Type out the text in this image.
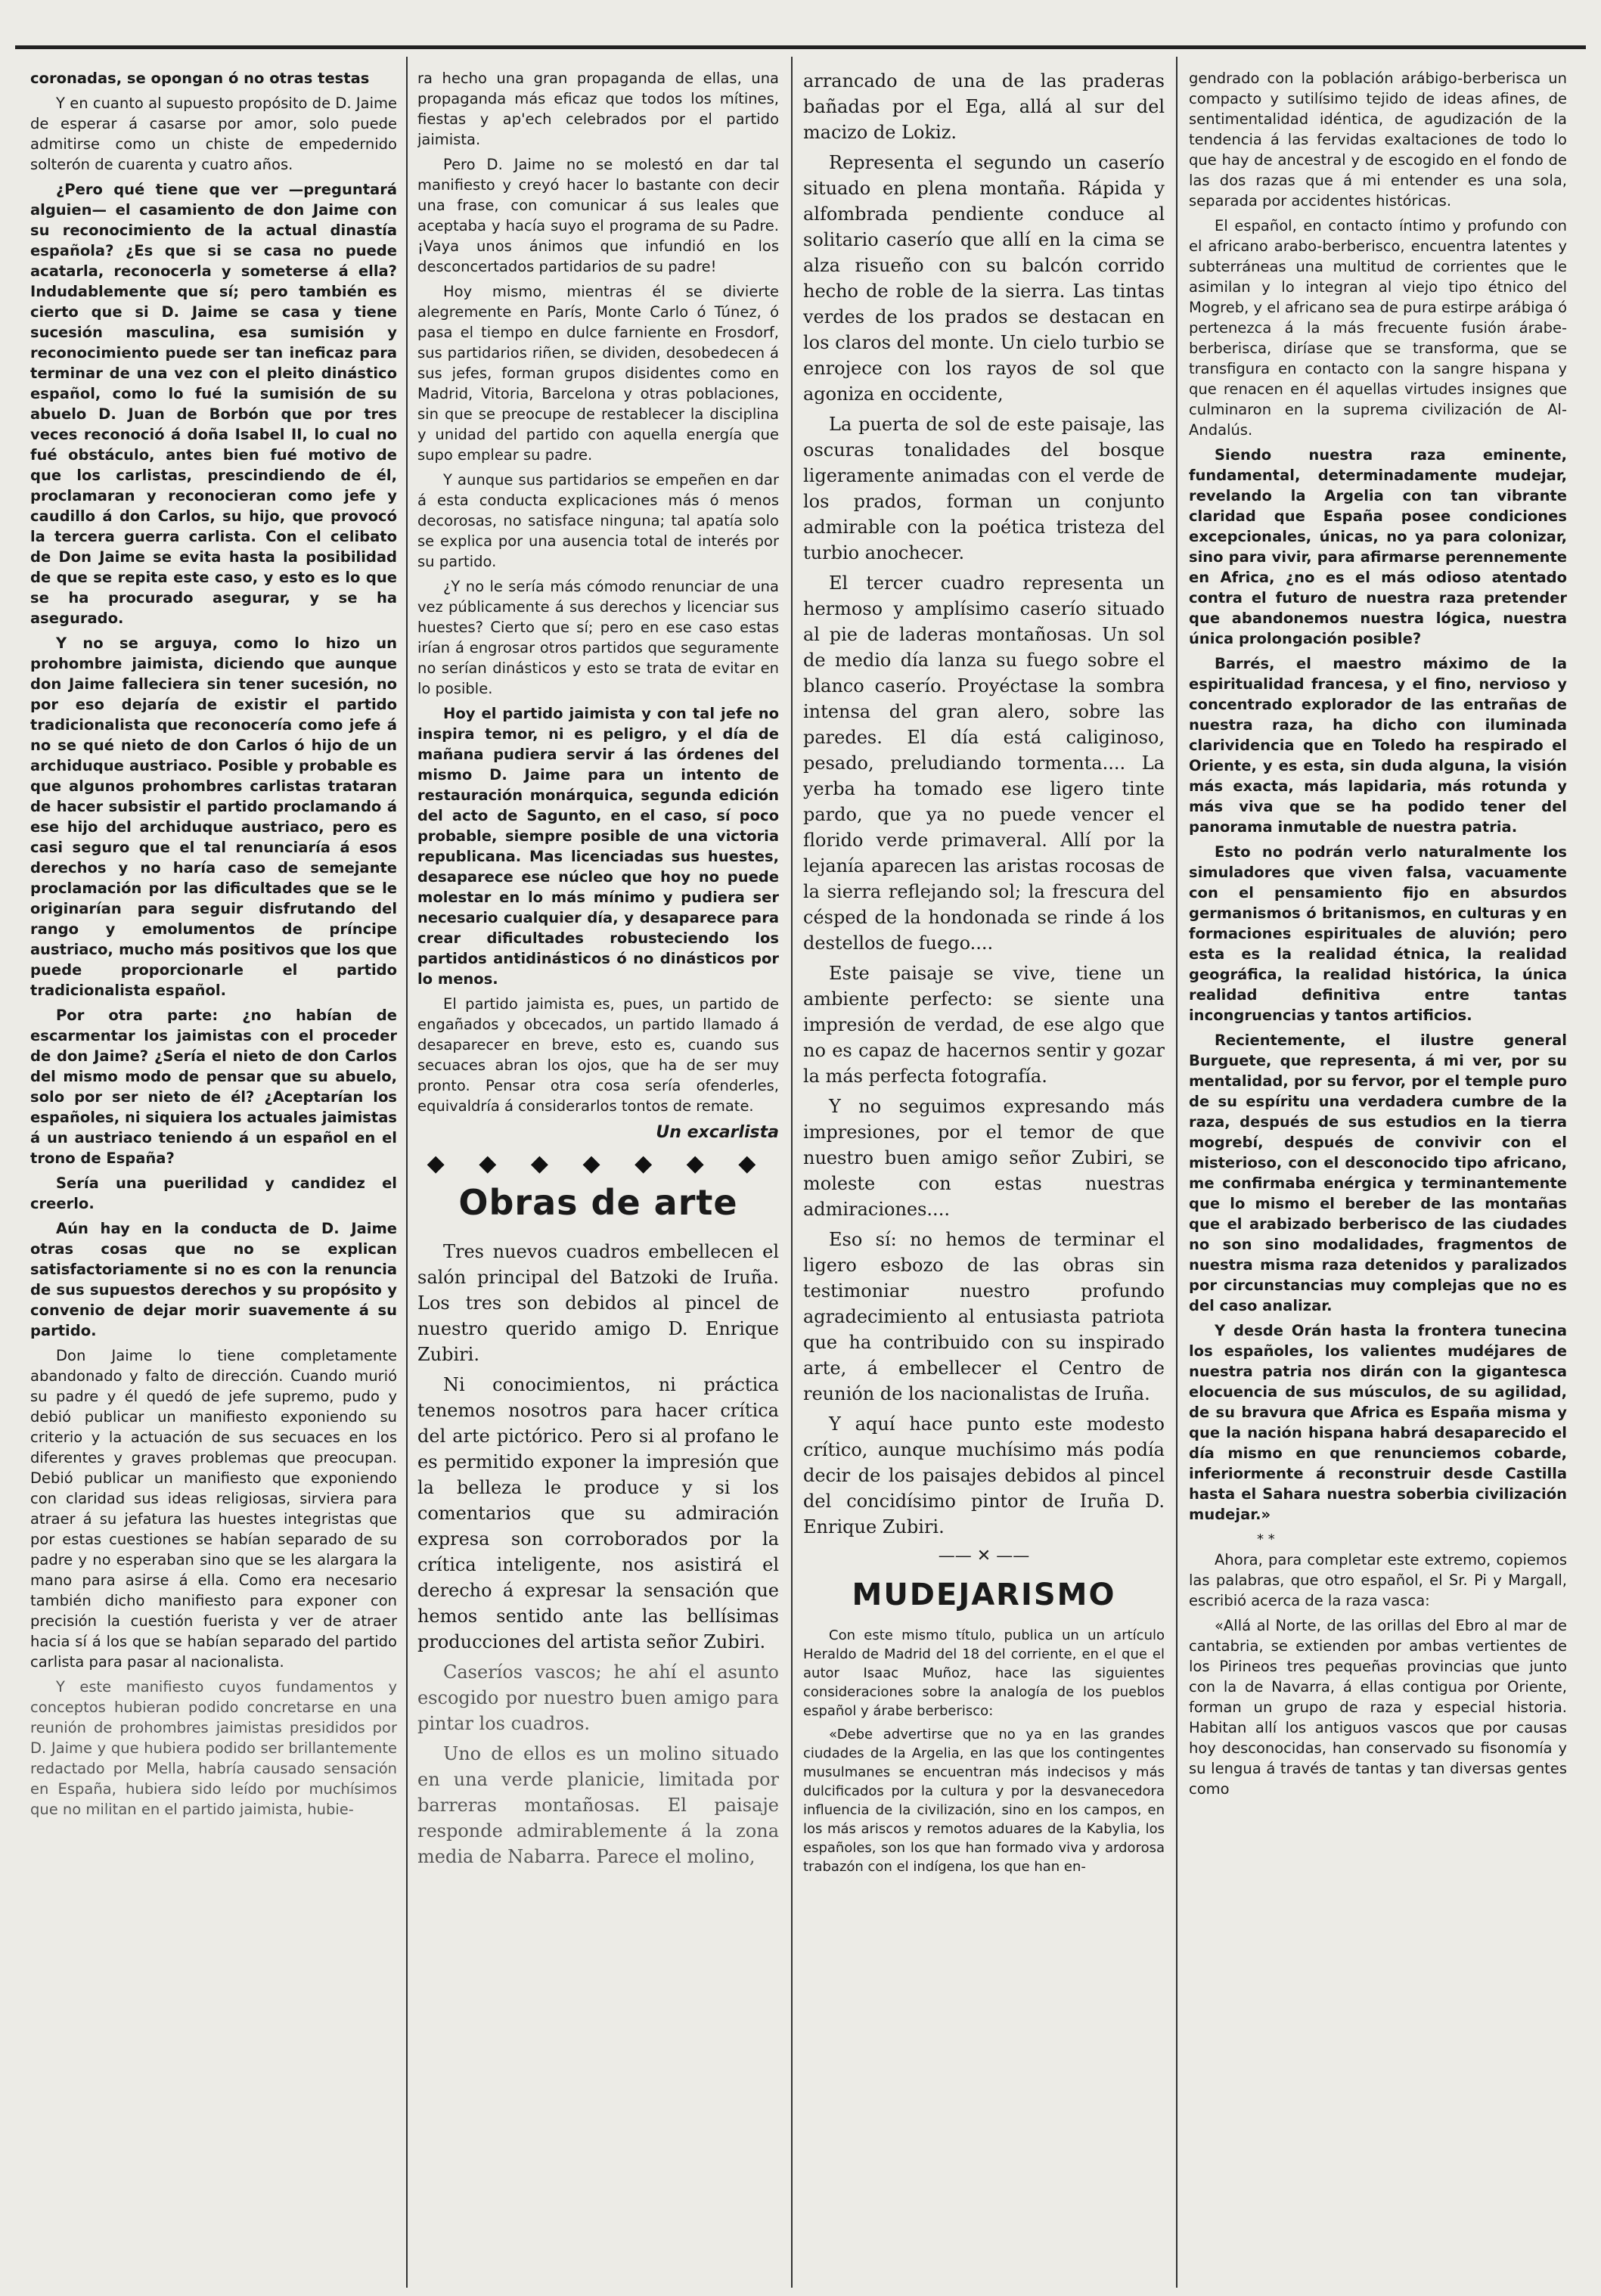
coronadas, se opongan ó no otras testas

Y en cuanto al supuesto propósito de D. Jaime de esperar á casarse por amor, solo puede admitirse como un chiste de empedernido solterón de cuarenta y cuatro años.

¿Pero qué tiene que ver —preguntará alguien— el casamiento de don Jaime con su reconocimiento de la actual dinastía española? ¿Es que si se casa no puede acatarla, reconocerla y someterse á ella? Indudablemente que sí; pero también es cierto que si D. Jaime se casa y tiene sucesión masculina, esa sumisión y reconocimiento puede ser tan ineficaz para terminar de una vez con el pleito dinástico español, como lo fué la sumisión de su abuelo D. Juan de Borbón que por tres veces reconoció á doña Isabel II, lo cual no fué obstáculo, antes bien fué motivo de que los carlistas, prescindiendo de él, proclamaran y reconocieran como jefe y caudillo á don Carlos, su hijo, que provocó la tercera guerra carlista. Con el celibato de Don Jaime se evita hasta la posibilidad de que se repita este caso, y esto es lo que se ha procurado asegurar, y se ha asegurado.

Y no se arguya, como lo hizo un prohombre jaimista, diciendo que aunque don Jaime falleciera sin tener sucesión, no por eso dejaría de existir el partido tradicionalista que reconocería como jefe á no se qué nieto de don Carlos ó hijo de un archiduque austriaco. Posible y probable es que algunos prohombres carlistas trataran de hacer subsistir el partido proclamando á ese hijo del archiduque austriaco, pero es casi seguro que el tal renunciaría á esos derechos y no haría caso de semejante proclamación por las dificultades que se le originarían para seguir disfrutando del rango y emolumentos de príncipe austriaco, mucho más positivos que los que puede proporcionarle el partido tradicionalista español.

Por otra parte: ¿no habían de escarmentar los jaimistas con el proceder de don Jaime? ¿Sería el nieto de don Carlos del mismo modo de pensar que su abuelo, solo por ser nieto de él? ¿Aceptarían los españoles, ni siquiera los actuales jaimistas á un austriaco teniendo á un español en el trono de España?

Sería una puerilidad y candidez el creerlo.

Aún hay en la conducta de D. Jaime otras cosas que no se explican satisfactoriamente si no es con la renuncia de sus supuestos derechos y su propósito y convenio de dejar morir suavemente á su partido.

Don Jaime lo tiene completamente abandonado y falto de dirección. Cuando murió su padre y él quedó de jefe supremo, pudo y debió publicar un manifiesto exponiendo su criterio y la actuación de sus secuaces en los diferentes y graves problemas que preocupan. Debió publicar un manifiesto que exponiendo con claridad sus ideas religiosas, sirviera para atraer á su jefatura las huestes integristas que por estas cuestiones se habían separado de su padre y no esperaban sino que se les alargara la mano para asirse á ella. Como era necesario también dicho manifiesto para exponer con precisión la cuestión fuerista y ver de atraer hacia sí á los que se habían separado del partido carlista para pasar al nacionalista.

Y este manifiesto cuyos fundamentos y conceptos hubieran podido concretarse en una reunión de prohombres jaimistas presididos por D. Jaime y que hubiera podido ser brillantemente redactado por Mella, habría causado sensación en España, hubiera sido leído por muchísimos que no militan en el partido jaimista, hubie-

ra hecho una gran propaganda de ellas, una propaganda más eficaz que todos los mítines, fiestas y ap'ech celebrados por el partido jaimista.

Pero D. Jaime no se molestó en dar tal manifiesto y creyó hacer lo bastante con decir una frase, con comunicar á sus leales que aceptaba y hacía suyo el programa de su Padre. ¡Vaya unos ánimos que infundió en los desconcertados partidarios de su padre!

Hoy mismo, mientras él se divierte alegremente en París, Monte Carlo ó Túnez, ó pasa el tiempo en dulce farniente en Frosdorf, sus partidarios riñen, se dividen, desobedecen á sus jefes, forman grupos disidentes como en Madrid, Vitoria, Barcelona y otras poblaciones, sin que se preocupe de restablecer la disciplina y unidad del partido con aquella energía que supo emplear su padre.

Y aunque sus partidarios se empeñen en dar á esta conducta explicaciones más ó menos decorosas, no satisface ninguna; tal apatía solo se explica por una ausencia total de interés por su partido.

¿Y no le sería más cómodo renunciar de una vez públicamente á sus derechos y licenciar sus huestes? Cierto que sí; pero en ese caso estas irían á engrosar otros partidos que seguramente no serían dinásticos y esto se trata de evitar en lo posible.

Hoy el partido jaimista y con tal jefe no inspira temor, ni es peligro, y el día de mañana pudiera servir á las órdenes del mismo D. Jaime para un intento de restauración monárquica, segunda edición del acto de Sagunto, en el caso, sí poco probable, siempre posible de una victoria republicana. Mas licenciadas sus huestes, desaparece ese núcleo que hoy no puede molestar en lo más mínimo y pudiera ser necesario cualquier día, y desaparece para crear dificultades robusteciendo los partidos antidinásticos ó no dinásticos por lo menos.

El partido jaimista es, pues, un partido de engañados y obcecados, un partido llamado á desaparecer en breve, esto es, cuando sus secuaces abran los ojos, que ha de ser muy pronto. Pensar otra cosa sería ofenderles, equivaldría á considerarlos tontos de remate.

Un excarlista
◆ ◆ ◆ ◆ ◆ ◆ ◆
Obras de arte

Tres nuevos cuadros embellecen el salón principal del Batzoki de Iruña. Los tres son debidos al pincel de nuestro querido amigo D. Enrique Zubiri.

Ni conocimientos, ni práctica tenemos nosotros para hacer crítica del arte pictórico. Pero si al profano le es permitido exponer la impresión que la belleza le produce y si los comentarios que su admiración expresa son corroborados por la crítica inteligente, nos asistirá el derecho á expresar la sensación que hemos sentido ante las bellísimas producciones del artista señor Zubiri.

Caseríos vascos; he ahí el asunto escogido por nuestro buen amigo para pintar los cuadros.

Uno de ellos es un molino situado en una verde planicie, limitada por barreras montañosas. El paisaje responde admirablemente á la zona media de Nabarra. Parece el molino,

arrancado de una de las praderas bañadas por el Ega, allá al sur del macizo de Lokiz.

Representa el segundo un caserío situado en plena montaña. Rápida y alfombrada pendiente conduce al solitario caserío que allí en la cima se alza risueño con su balcón corrido hecho de roble de la sierra. Las tintas verdes de los prados se destacan en los claros del monte. Un cielo turbio se enrojece con los rayos de sol que agoniza en occidente,

La puerta de sol de este paisaje, las oscuras tonalidades del bosque ligeramente animadas con el verde de los prados, forman un conjunto admirable con la poética tristeza del turbio anochecer.

El tercer cuadro representa un hermoso y amplísimo caserío situado al pie de laderas montañosas. Un sol de medio día lanza su fuego sobre el blanco caserío. Proyéctase la sombra intensa del gran alero, sobre las paredes. El día está caliginoso, pesado, preludiando tormenta.... La yerba ha tomado ese ligero tinte pardo, que ya no puede vencer el florido verde primaveral. Allí por la lejanía aparecen las aristas rocosas de la sierra reflejando sol; la frescura del césped de la hondonada se rinde á los destellos de fuego....

Este paisaje se vive, tiene un ambiente perfecto: se siente una impresión de verdad, de ese algo que no es capaz de hacernos sentir y gozar la más perfecta fotografía.

Y no seguimos expresando más impresiones, por el temor de que nuestro buen amigo señor Zubiri, se moleste con estas nuestras admiraciones....

Eso sí: no hemos de terminar el ligero esbozo de las obras sin testimoniar nuestro profundo agradecimiento al entusiasta patriota que ha contribuido con su inspirado arte, á embellecer el Centro de reunión de los nacionalistas de Iruña.

Y aquí hace punto este modesto crítico, aunque muchísimo más podía decir de los paisajes debidos al pincel del concidísimo pintor de Iruña D. Enrique Zubiri.

—— ✕ ——
MUDEJARISMO

Con este mismo título, publica un un artículo Heraldo de Madrid del 18 del corriente, en el que el autor Isaac Muñoz, hace las siguientes consideraciones sobre la analogía de los pueblos español y árabe berberisco:

«Debe advertirse que no ya en las grandes ciudades de la Argelia, en las que los contingentes musulmanes se encuentran más indecisos y más dulcificados por la cultura y por la desvanecedora influencia de la civilización, sino en los campos, en los más ariscos y remotos aduares de la Kabylia, los españoles, son los que han formado viva y ardorosa trabazón con el indígena, los que han en-

gendrado con la población arábigo-berberisca un compacto y sutilísimo tejido de ideas afines, de sentimentalidad idéntica, de agudización de la tendencia á las fervidas exaltaciones de todo lo que hay de ancestral y de escogido en el fondo de las dos razas que á mi entender es una sola, separada por accidentes históricas.

El español, en contacto íntimo y profundo con el africano arabo-berberisco, encuentra latentes y subterráneas una multitud de corrientes que le asimilan y lo integran al viejo tipo étnico del Mogreb, y el africano sea de pura estirpe arábiga ó pertenezca á la más frecuente fusión árabe-berberisca, diríase que se transforma, que se transfigura en contacto con la sangre hispana y que renacen en él aquellas virtudes insignes que culminaron en la suprema civilización de Al-Andalús.

Siendo nuestra raza eminente, fundamental, determinadamente mudejar, revelando la Argelia con tan vibrante claridad que España posee condiciones excepcionales, únicas, no ya para colonizar, sino para vivir, para afirmarse perennemente en Africa, ¿no es el más odioso atentado contra el futuro de nuestra raza pretender que abandonemos nuestra lógica, nuestra única prolongación posible?

Barrés, el maestro máximo de la espiritualidad francesa, y el fino, nervioso y concentrado explorador de las entrañas de nuestra raza, ha dicho con iluminada clarividencia que en Toledo ha respirado el Oriente, y es esta, sin duda alguna, la visión más exacta, más lapidaria, más rotunda y más viva que se ha podido tener del panorama inmutable de nuestra patria.

Esto no podrán verlo naturalmente los simuladores que viven falsa, vacuamente con el pensamiento fijo en absurdos germanismos ó britanismos, en culturas y en formaciones espirituales de aluvión; pero esta es la realidad étnica, la realidad geográfica, la realidad histórica, la única realidad definitiva entre tantas incongruencias y tantos artificios.

Recientemente, el ilustre general Burguete, que representa, á mi ver, por su mentalidad, por su fervor, por el temple puro de su espíritu una verdadera cumbre de la raza, después de sus estudios en la tierra mogrebí, después de convivir con el misterioso, con el desconocido tipo africano, me confirmaba enérgica y terminantemente que lo mismo el bereber de las montañas que el arabizado berberisco de las ciudades no son sino modalidades, fragmentos de nuestra misma raza detenidos y paralizados por circunstancias muy complejas que no es del caso analizar.

Y desde Orán hasta la frontera tunecina los españoles, los valientes mudéjares de nuestra patria nos dirán con la gigantesca elocuencia de sus músculos, de su agilidad, de su bravura que Africa es España misma y que la nación hispana habrá desaparecido el día mismo en que renunciemos cobarde, inferiormente á reconstruir desde Castilla hasta el Sahara nuestra soberbia civilización mudejar.»

* *

Ahora, para completar este extremo, copiemos las palabras, que otro español, el Sr. Pi y Margall, escribió acerca de la raza vasca:

«Allá al Norte, de las orillas del Ebro al mar de cantabria, se extienden por ambas vertientes de los Pirineos tres pequeñas provincias que junto con la de Navarra, á ellas contigua por Oriente, forman un grupo de raza y especial historia. Habitan allí los antiguos vascos que por causas hoy desconocidas, han conservado su fisonomía y su lengua á través de tantas y tan diversas gentes como
